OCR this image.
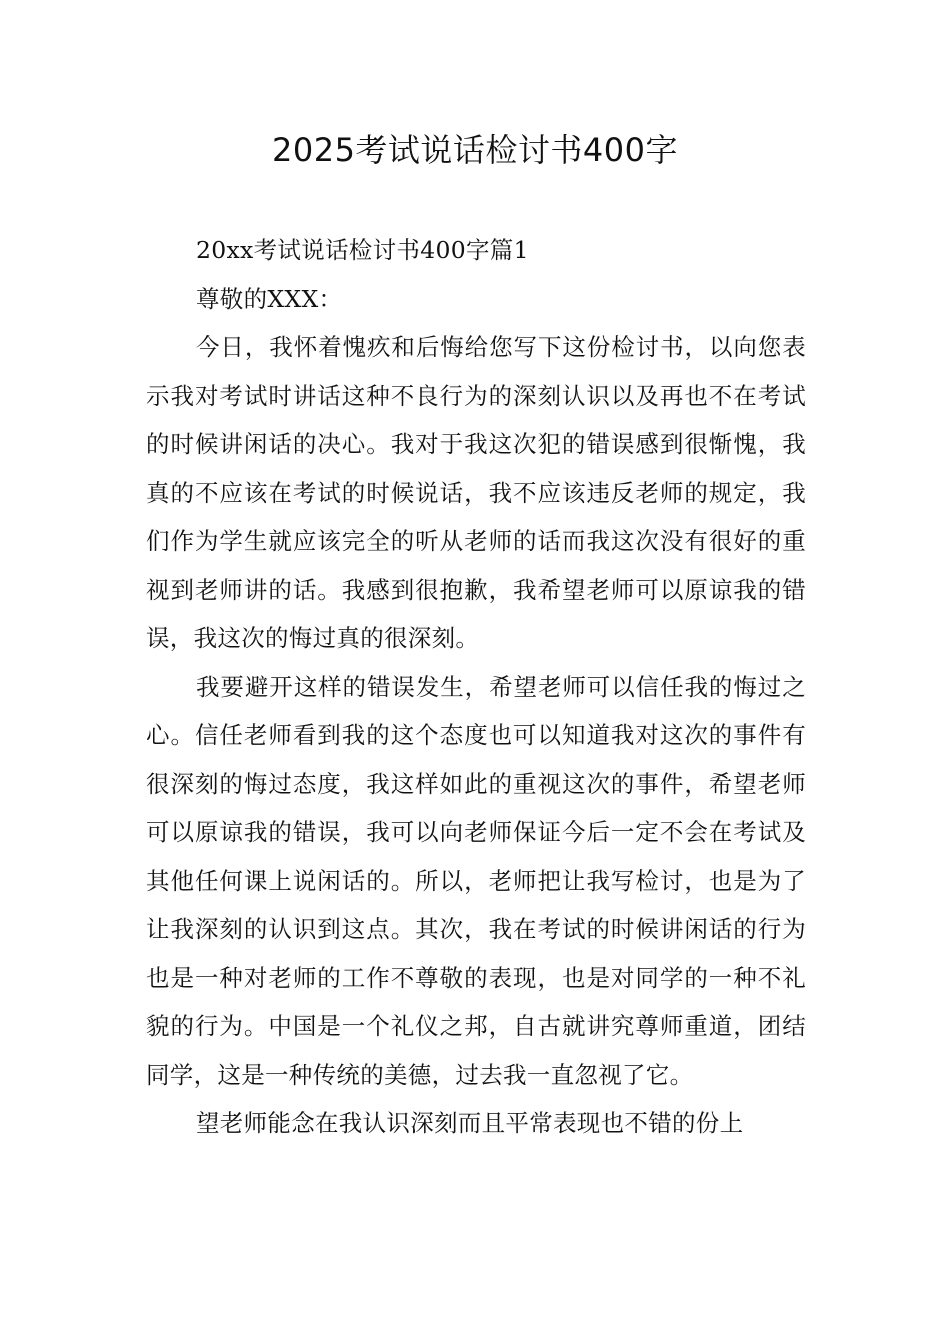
2025考试说话检讨书400字

20xx考试说话检讨书400字篇1

尊敬的XXX：

今日，我怀着愧疚和后悔给您写下这份检讨书，以向您表示我对考试时讲话这种不良行为的深刻认识以及再也不在考试的时候讲闲话的决心。我对于我这次犯的错误感到很惭愧，我真的不应该在考试的时候说话，我不应该违反老师的规定，我们作为学生就应该完全的听从老师的话而我这次没有很好的重视到老师讲的话。我感到很抱歉，我希望老师可以原谅我的错误，我这次的悔过真的很深刻。

我要避开这样的错误发生，希望老师可以信任我的悔过之心。信任老师看到我的这个态度也可以知道我对这次的事件有很深刻的悔过态度，我这样如此的重视这次的事件，希望老师可以原谅我的错误，我可以向老师保证今后一定不会在考试及其他任何课上说闲话的。所以，老师把让我写检讨，也是为了让我深刻的认识到这点。其次，我在考试的时候讲闲话的行为也是一种对老师的工作不尊敬的表现，也是对同学的一种不礼貌的行为。中国是一个礼仪之邦，自古就讲究尊师重道，团结同学，这是一种传统的美德，过去我一直忽视了它。

望老师能念在我认识深刻而且平常表现也不错的份上
